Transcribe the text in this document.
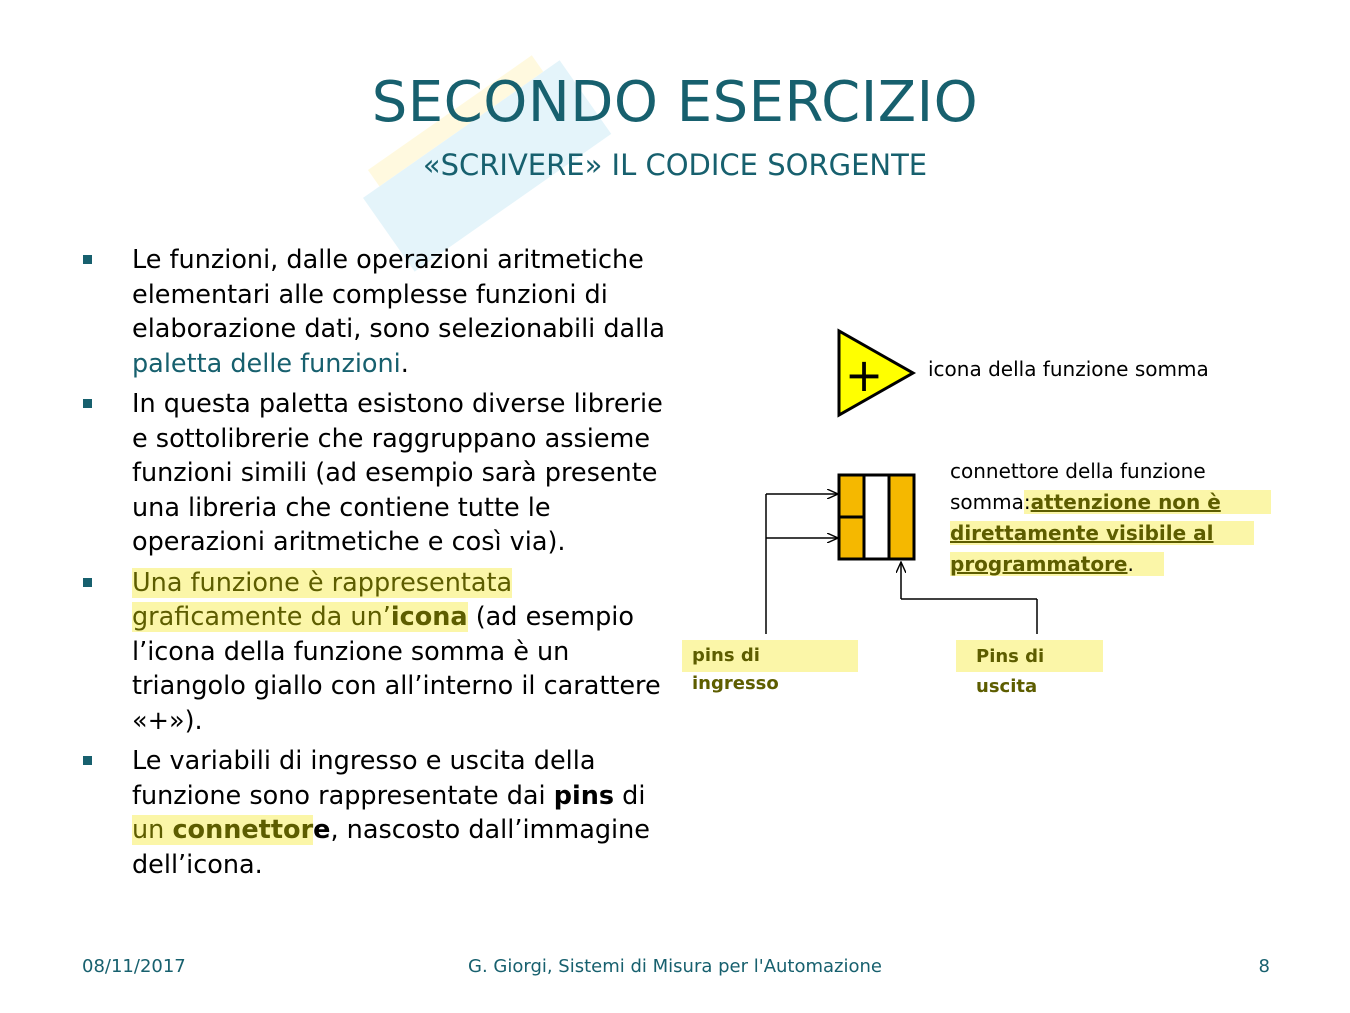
SECONDO ESERCIZIO
«SCRIVERE» IL CODICE SORGENTE
Le funzioni, dalle operazioni aritmetiche elementari alle complesse funzioni di elaborazione dati, sono selezionabili dalla paletta delle funzioni.
In questa paletta esistono diverse librerie e sottolibrerie che raggruppano assieme funzioni simili (ad esempio sarà presente una libreria che contiene tutte le operazioni aritmetiche e così via).
Una funzione è rappresentata graficamente da un’icona (ad esempio l’icona della funzione somma è un triangolo giallo con all’interno il carattere «+»).
Le variabili di ingresso e uscita della funzione sono rappresentate dai pins di un connettore, nascosto dall’immagine dell’icona.
+ icona della funzione somma
connettore della funzione
somma:attenzione non è
direttamente visibile al
programmatore.
pins di ingresso
Pins di uscita
08/11/2017	G. Giorgi, Sistemi di Misura per l'Automazione	8
